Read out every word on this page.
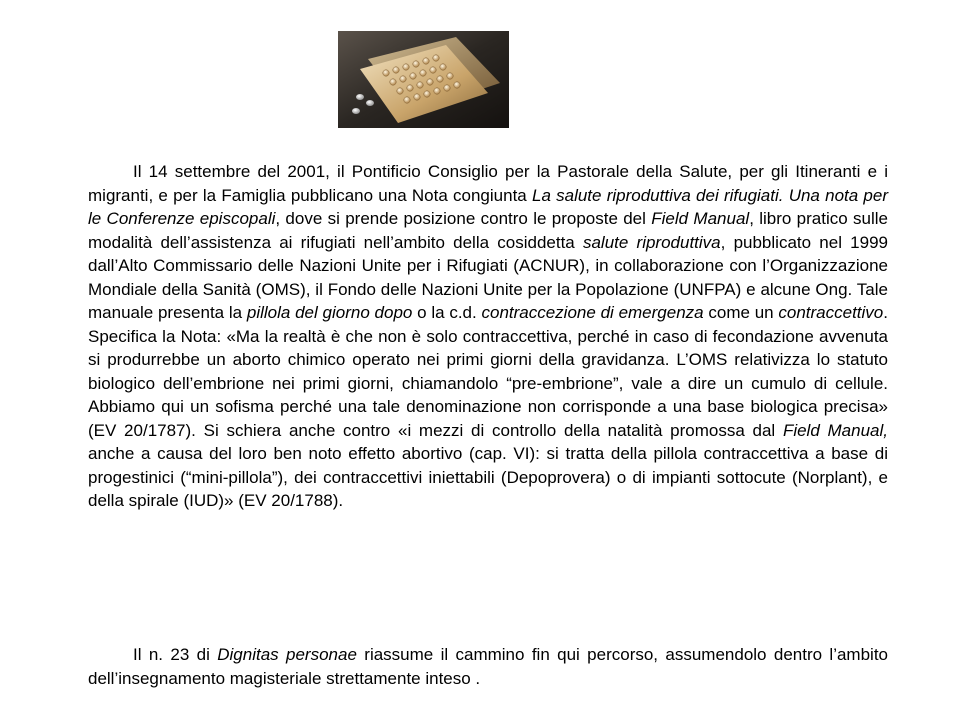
Il 14 settembre del 2001, il Pontificio Consiglio per la Pastorale della Salute, per gli Itineranti e i migranti, e per la Famiglia pubblicano una Nota congiunta La salute riproduttiva dei rifugiati. Una nota per le Conferenze episcopali, dove si prende posizione contro le proposte del Field Manual, libro pratico sulle modalità dell’assistenza ai rifugiati nell’ambito della cosiddetta salute riproduttiva, pubblicato nel 1999 dall’Alto Commissario delle Nazioni Unite per i Rifugiati (ACNUR), in collaborazione con l’Organizzazione Mondiale della Sanità (OMS), il Fondo delle Nazioni Unite per la Popolazione (UNFPA) e alcune Ong. Tale manuale presenta la pillola del giorno dopo o la c.d. contraccezione di emergenza come un contraccettivo. Specifica la Nota: «Ma la realtà è che non è solo contraccettiva, perché in caso di fecondazione avvenuta si produrrebbe un aborto chimico operato nei primi giorni della gravidanza. L’OMS relativizza lo statuto biologico dell’embrione nei primi giorni, chiamandolo “pre-embrione”, vale a dire un cumulo di cellule. Abbiamo qui un sofisma perché una tale denominazione non corrisponde a una base biologica precisa» (EV 20/1787). Si schiera anche contro «i mezzi di controllo della natalità promossa dal Field Manual, anche a causa del loro ben noto effetto abortivo (cap. VI): si tratta della pillola contraccettiva a base di progestinici (“mini-pillola”), dei contraccettivi iniettabili (Depoprovera) o di impianti sottocute (Norplant), e della spirale (IUD)» (EV 20/1788).

Il n. 23 di Dignitas personae riassume il cammino fin qui percorso, assumendolo dentro l’ambito dell’insegnamento magisteriale strettamente inteso .
